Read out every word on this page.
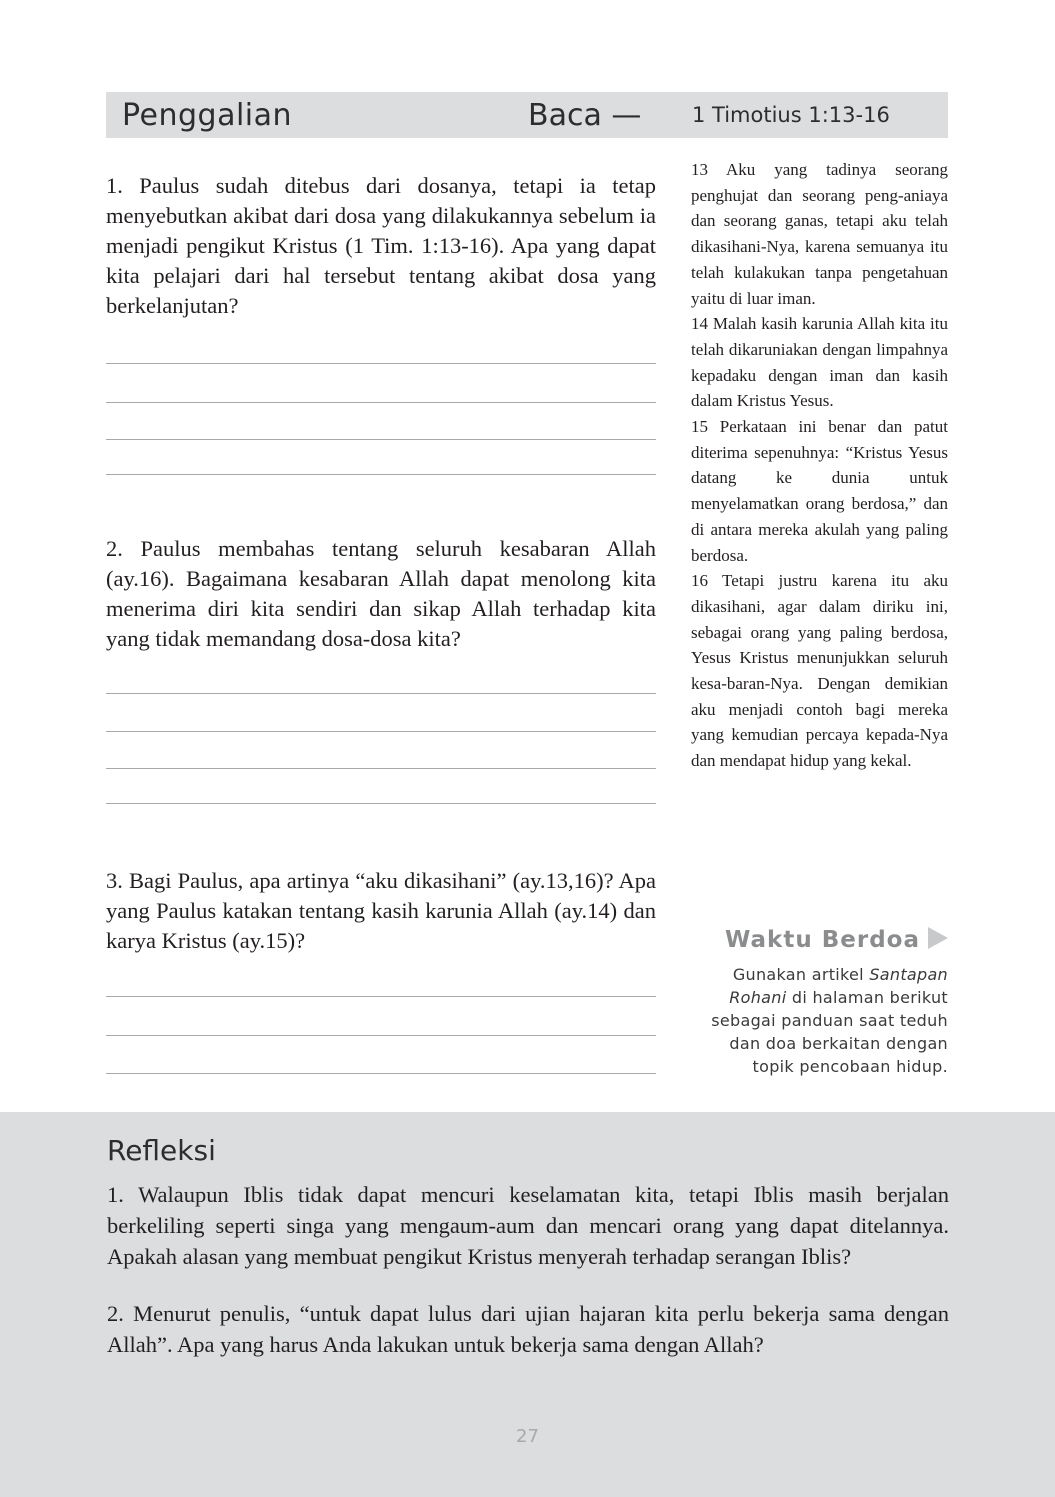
Penggalian	Baca — 1 Timotius 1:13-16

1. Paulus sudah ditebus dari dosanya, tetapi ia tetap menyebutkan akibat dari dosa yang dilakukannya sebelum ia menjadi pengikut Kristus (1 Tim. 1:13-16). Apa yang dapat kita pelajari dari hal tersebut tentang akibat dosa yang berkelanjutan?

2. Paulus membahas tentang seluruh kesabaran Allah (ay.16). Bagaimana kesabaran Allah dapat menolong kita menerima diri kita sendiri dan sikap Allah terhadap kita yang tidak memandang dosa-dosa kita?

3. Bagi Paulus, apa artinya “aku dikasihani” (ay.13,16)? Apa yang Paulus katakan tentang kasih karunia Allah (ay.14) dan karya Kristus (ay.15)?

13 Aku yang tadinya seorang penghujat dan seorang peng-aniaya dan seorang ganas, tetapi aku telah dikasihani-Nya, karena semuanya itu telah kulakukan tanpa pengetahuan yaitu di luar iman.
14 Malah kasih karunia Allah kita itu telah dikaruniakan dengan limpahnya kepadaku dengan iman dan kasih dalam Kristus Yesus.
15 Perkataan ini benar dan patut diterima sepenuhnya: “Kristus Yesus datang ke dunia untuk menyelamatkan orang berdosa,” dan di antara mereka akulah yang paling berdosa.
16 Tetapi justru karena itu aku dikasihani, agar dalam diriku ini, sebagai orang yang paling berdosa, Yesus Kristus menunjukkan seluruh kesa-baran-Nya. Dengan demikian aku menjadi contoh bagi mereka yang kemudian percaya kepada-Nya dan mendapat hidup yang kekal.
Waktu Berdoa

Gunakan artikel Santapan Rohani di halaman berikut sebagai panduan saat teduh dan doa berkaitan dengan topik pencobaan hidup.

Refleksi

1. Walaupun Iblis tidak dapat mencuri keselamatan kita, tetapi Iblis masih berjalan berkeliling seperti singa yang mengaum-aum dan mencari orang yang dapat ditelannya. Apakah alasan yang membuat pengikut Kristus menyerah terhadap serangan Iblis?

2. Menurut penulis, “untuk dapat lulus dari ujian hajaran kita perlu bekerja sama dengan Allah”. Apa yang harus Anda lakukan untuk bekerja sama dengan Allah?

27
